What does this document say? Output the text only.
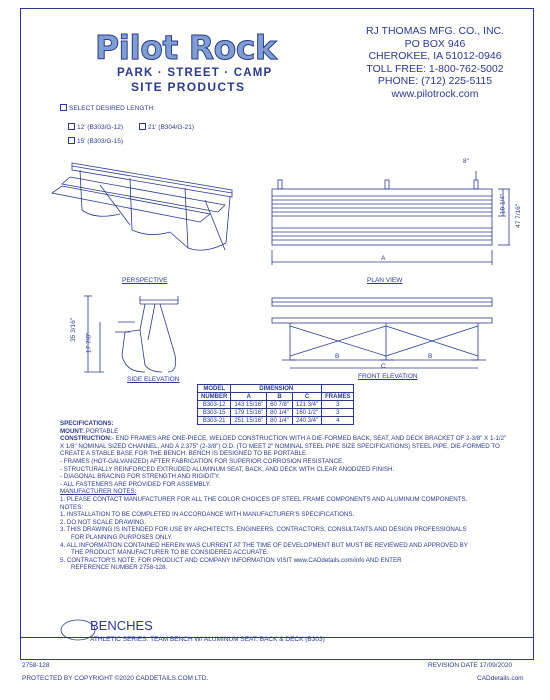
Pilot Rock
PARK · STREET · CAMP
SITE PRODUCTS
RJ THOMAS MFG. CO., INC.
PO BOX 946
CHEROKEE, IA 51012-0946
TOLL FREE: 1-800-762-5002
PHONE: (712) 225-5115
www.pilotrock.com
SELECT DESIRED LENGTH:
12' (B303/G-12)	21' (B304/G-21)
15' (B303/G-15)
8"
19 1/4" 47 7/16"
A
B	B
C
35 3/16"
17 7/8"
PERSPECTIVE	PLAN VIEW
SIDE ELEVATION	FRONT ELEVATION
MODEL	DIMENSION			
NUMBER	A	B	C	FRAMES
B303-12	143 15/16"	60 7/8"	121 3/4"	3
B303-15	179 15/16"	80 1/4"	160 1/2"	3
B303-21	251 15/16"	80 1/4"	240 3/4"	4
SPECIFICATIONS:
MOUNT: PORTABLE
CONSTRUCTION:- END FRAMES ARE ONE-PIECE, WELDED CONSTRUCTION WITH A DIE-FORMED BACK, SEAT, AND DECK BRACKET OF 2-3/8" X 1-1/2" X 1/8" NOMINAL SIZED CHANNEL, AND A 2.375" (2-3/8") O.D. (TO MEET 2" NOMINAL STEEL PIPE SIZE SPECIFICATIONS) STEEL PIPE, DIE-FORMED TO CREATE A STABLE BASE FOR THE BENCH. BENCH IS DESIGNED TO BE PORTABLE.
- FRAMES (HOT-GALVANIZED) AFTER FABRICATION FOR SUPERIOR CORROSION RESISTANCE.
- STRUCTURALLY REINFORCED EXTRUDED ALUMINUM SEAT, BACK, AND DECK WITH CLEAR ANODIZED FINISH.
- DIAGONAL BRACING FOR STRENGTH AND RIGIDITY.
- ALL FASTENERS ARE PROVIDED FOR ASSEMBLY.
MANUFACTURER NOTES:
1. PLEASE CONTACT MANUFACTURER FOR ALL THE COLOR CHOICES OF STEEL FRAME COMPONENTS AND ALUMINUM COMPONENTS.
NOTES:
1. INSTALLATION TO BE COMPLETED IN ACCORDANCE WITH MANUFACTURER'S SPECIFICATIONS.
2. DO NOT SCALE DRAWING.
3. THIS DRAWING IS INTENDED FOR USE BY ARCHITECTS, ENGINEERS, CONTRACTORS, CONSULTANTS AND DESIGN PROFESSIONALS
FOR PLANNING PURPOSES ONLY.
4. ALL INFORMATION CONTAINED HEREIN WAS CURRENT AT THE TIME OF DEVELOPMENT BUT MUST BE REVIEWED AND APPROVED BY
THE PRODUCT MANUFACTURER TO BE CONSIDERED ACCURATE.
5. CONTRACTOR'S NOTE: FOR PRODUCT AND COMPANY INFORMATION VISIT www.CADdetails.com/info AND ENTER
REFERENCE NUMBER 2758-128.
BENCHES
ATHLETIC SERIES: TEAM BENCH W/ ALUMINUM SEAT, BACK & DECK (B303)
2758-128	REVISION DATE 17/09/2020
PROTECTED BY COPYRIGHT ©2020 CADDETAILS.COM LTD.	CADdetails.com
